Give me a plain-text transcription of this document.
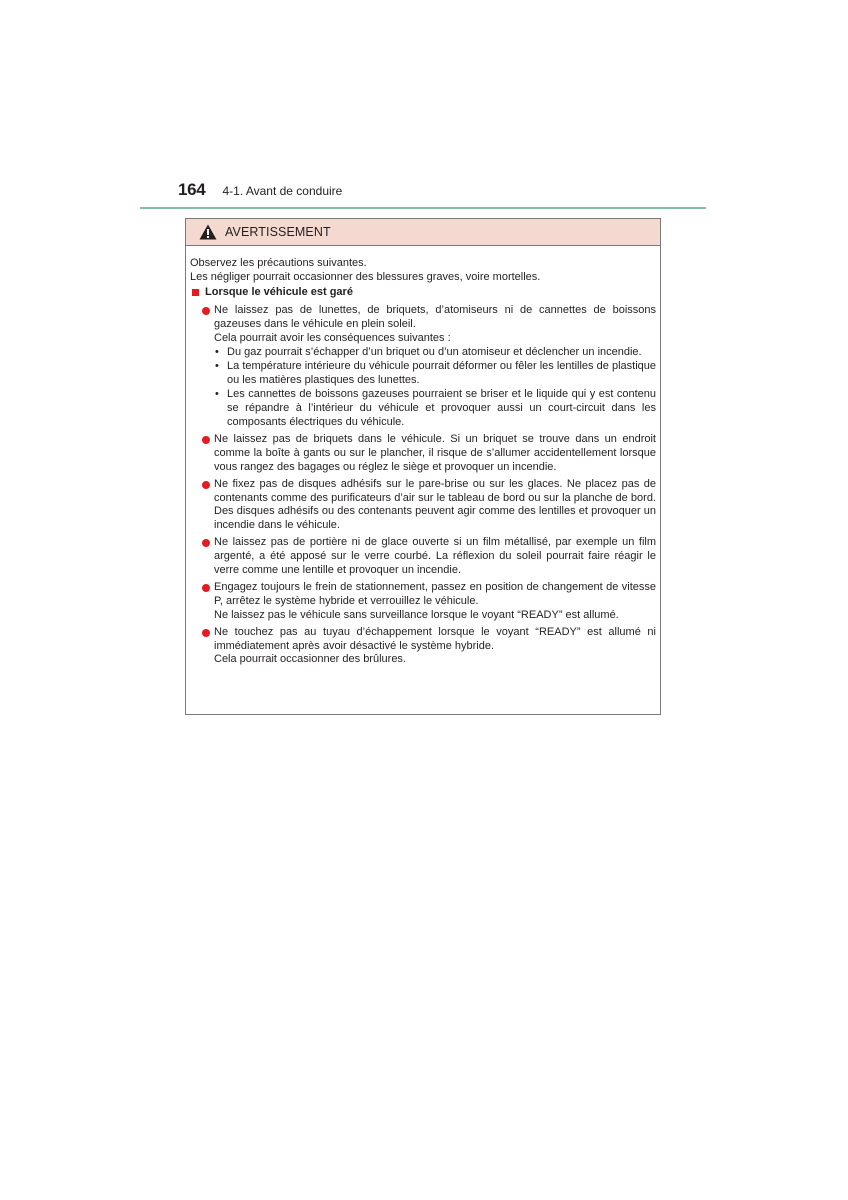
164 4-1. Avant de conduire
AVERTISSEMENT

Observez les précautions suivantes.

Les négliger pourrait occasionner des blessures graves, voire mortelles.

Lorsque le véhicule est garé

Ne laissez pas de lunettes, de briquets, d’atomiseurs ni de cannettes de boissons gazeuses dans le véhicule en plein soleil.

Cela pourrait avoir les conséquences suivantes :

• Du gaz pourrait s’échapper d’un briquet ou d’un atomiseur et déclencher un incendie.
• La température intérieure du véhicule pourrait déformer ou fêler les lentilles de plastique ou les matières plastiques des lunettes.
• Les cannettes de boissons gazeuses pourraient se briser et le liquide qui y est contenu se répandre à l’intérieur du véhicule et provoquer aussi un court-circuit dans les composants électriques du véhicule.

Ne laissez pas de briquets dans le véhicule. Si un briquet se trouve dans un endroit comme la boîte à gants ou sur le plancher, il risque de s’allumer accidentellement lorsque vous rangez des bagages ou réglez le siège et provoquer un incendie.

Ne fixez pas de disques adhésifs sur le pare-brise ou sur les glaces. Ne placez pas de contenants comme des purificateurs d’air sur le tableau de bord ou sur la planche de bord. Des disques adhésifs ou des contenants peuvent agir comme des lentilles et provoquer un incendie dans le véhicule.

Ne laissez pas de portière ni de glace ouverte si un film métallisé, par exemple un film argenté, a été apposé sur le verre courbé. La réflexion du soleil pourrait faire réagir le verre comme une lentille et provoquer un incendie.

Engagez toujours le frein de stationnement, passez en position de changement de vitesse P, arrêtez le système hybride et verrouillez le véhicule.

Ne laissez pas le véhicule sans surveillance lorsque le voyant “READY” est allumé.

Ne touchez pas au tuyau d’échappement lorsque le voyant “READY” est allumé ni immédiatement après avoir désactivé le système hybride.

Cela pourrait occasionner des brûlures.
